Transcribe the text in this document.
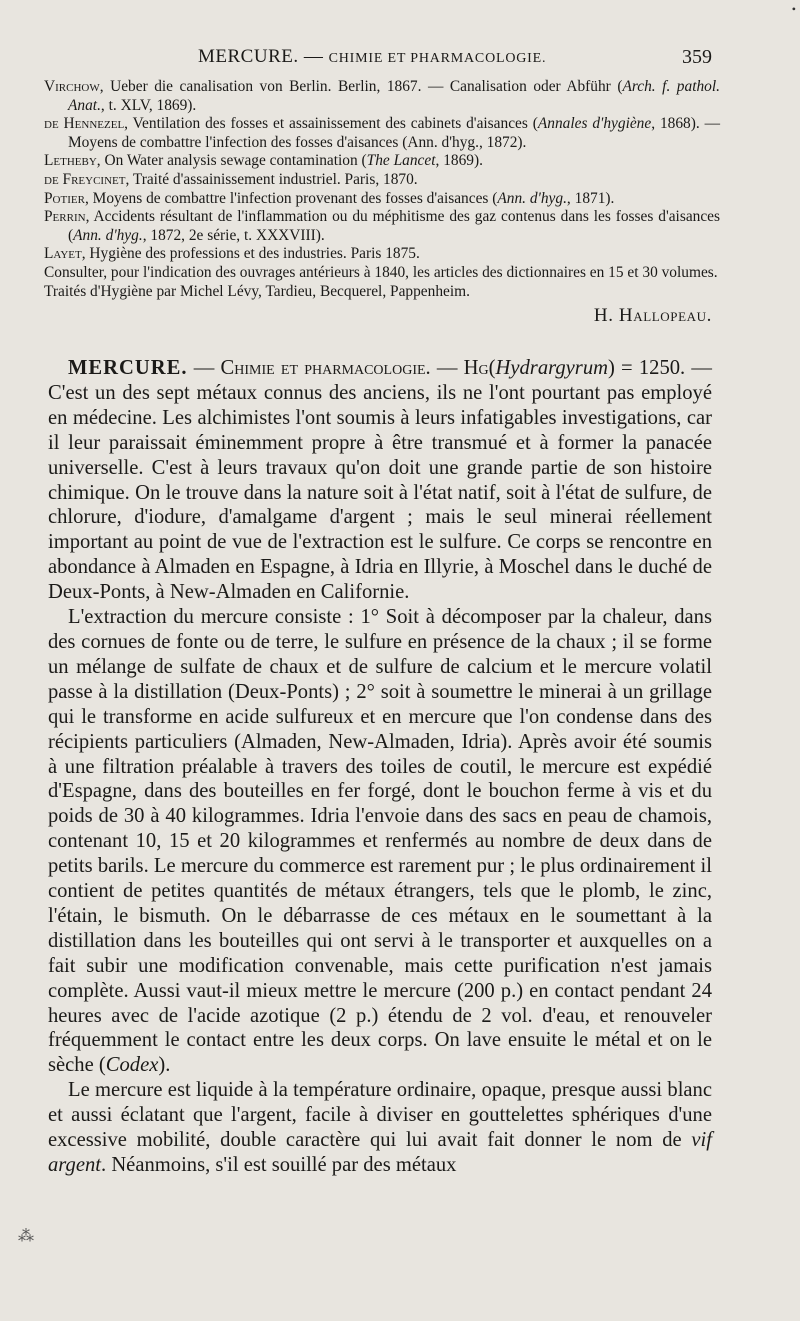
•
MERCURE. — CHIMIE ET PHARMACOLOGIE.	359
Virchow, Ueber die canalisation von Berlin. Berlin, 1867. — Canalisation oder Abführ (Arch. f. pathol. Anat., t. XLV, 1869).
de Hennezel, Ventilation des fosses et assainissement des cabinets d'aisances (Annales d'hygiène, 1868). — Moyens de combattre l'infection des fosses d'aisances (Ann. d'hyg., 1872).
Letheby, On Water analysis sewage contamination (The Lancet, 1869).
de Freycinet, Traité d'assainissement industriel. Paris, 1870.
Potier, Moyens de combattre l'infection provenant des fosses d'aisances (Ann. d'hyg., 1871).
Perrin, Accidents résultant de l'inflammation ou du méphitisme des gaz contenus dans les fosses d'aisances (Ann. d'hyg., 1872, 2e série, t. XXXVIII).
Layet, Hygiène des professions et des industries. Paris 1875.
Consulter, pour l'indication des ouvrages antérieurs à 1840, les articles des dictionnaires en 15 et 30 volumes.
Traités d'Hygiène par Michel Lévy, Tardieu, Becquerel, Pappenheim.
H. Hallopeau.

MERCURE. — Chimie et pharmacologie. — Hg(Hydrargyrum) = 1250. — C'est un des sept métaux connus des anciens, ils ne l'ont pourtant pas employé en médecine. Les alchimistes l'ont soumis à leurs infatigables investigations, car il leur paraissait éminemment propre à être transmué et à former la panacée universelle. C'est à leurs travaux qu'on doit une grande partie de son histoire chimique. On le trouve dans la nature soit à l'état natif, soit à l'état de sulfure, de chlorure, d'iodure, d'amalgame d'argent ; mais le seul minerai réellement important au point de vue de l'extraction est le sulfure. Ce corps se rencontre en abondance à Almaden en Espagne, à Idria en Illyrie, à Moschel dans le duché de Deux-Ponts, à New-Almaden en Californie.

L'extraction du mercure consiste : 1° Soit à décomposer par la chaleur, dans des cornues de fonte ou de terre, le sulfure en présence de la chaux ; il se forme un mélange de sulfate de chaux et de sulfure de calcium et le mercure volatil passe à la distillation (Deux-Ponts) ; 2° soit à soumettre le minerai à un grillage qui le transforme en acide sulfureux et en mercure que l'on condense dans des récipients particuliers (Almaden, New-Almaden, Idria). Après avoir été soumis à une filtration préalable à travers des toiles de coutil, le mercure est expédié d'Espagne, dans des bouteilles en fer forgé, dont le bouchon ferme à vis et du poids de 30 à 40 kilogrammes. Idria l'envoie dans des sacs en peau de chamois, contenant 10, 15 et 20 kilogrammes et renfermés au nombre de deux dans de petits barils. Le mercure du commerce est rarement pur ; le plus ordinairement il contient de petites quantités de métaux étrangers, tels que le plomb, le zinc, l'étain, le bismuth. On le débarrasse de ces métaux en le soumettant à la distillation dans les bouteilles qui ont servi à le transporter et auxquelles on a fait subir une modification convenable, mais cette purification n'est jamais complète. Aussi vaut-il mieux mettre le mercure (200 p.) en contact pendant 24 heures avec de l'acide azotique (2 p.) étendu de 2 vol. d'eau, et renouveler fréquemment le contact entre les deux corps. On lave ensuite le métal et on le sèche (Codex).

Le mercure est liquide à la température ordinaire, opaque, presque aussi blanc et aussi éclatant que l'argent, facile à diviser en gouttelettes sphériques d'une excessive mobilité, double caractère qui lui avait fait donner le nom de vif argent. Néanmoins, s'il est souillé par des métaux

⁂
